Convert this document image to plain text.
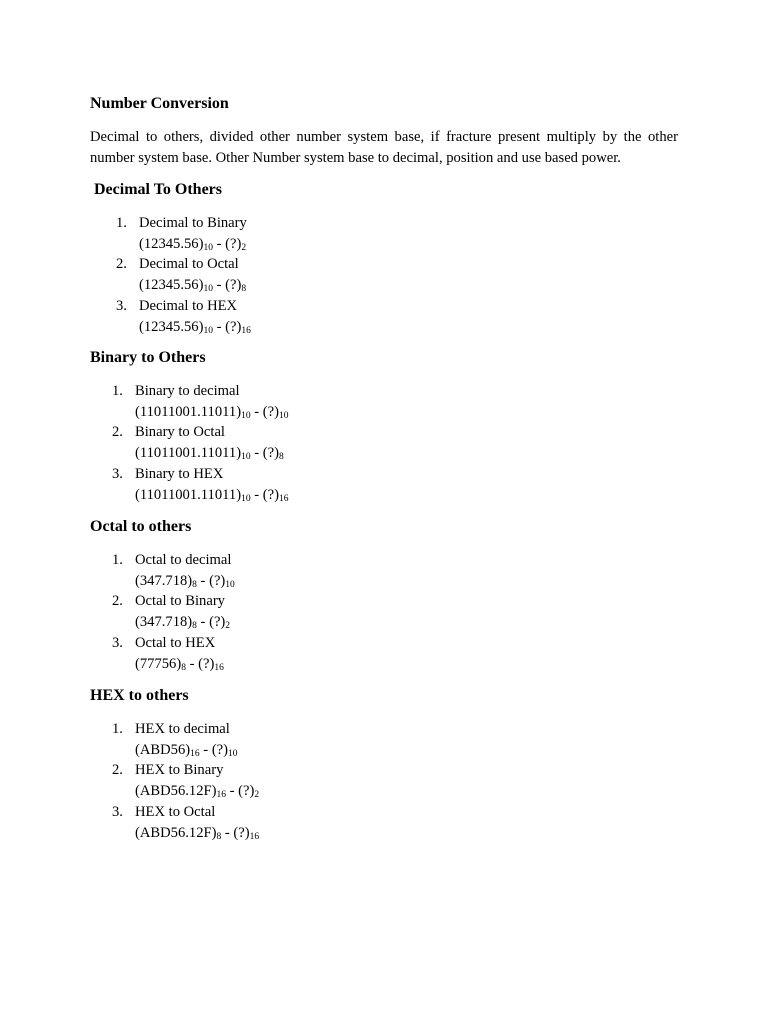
Number Conversion

Decimal to others, divided other number system base, if fracture present multiply by the other number system base. Other Number system base to decimal, position and use based power.

Decimal To Others
1. Decimal to Binary
$(12345.56)_{10}$ - $(?)_2$
2. Decimal to Octal
$(12345.56)_{10}$ - $(?)_8$
3. Decimal to HEX
$(12345.56)_{10}$ - $(?)_{16}$
Binary to Others
1. Binary to decimal
$(11011001.11011)_{10}$ - $(?)_{10}$
2. Binary to Octal
$(11011001.11011)_{10}$ - $(?)_8$
3. Binary to HEX
$(11011001.11011)_{10}$ - $(?)_{16}$
Octal to others
1. Octal to decimal
$(347.718)_8$ - $(?)_{10}$
2. Octal to Binary
$(347.718)_8$ - $(?)_2$
3. Octal to HEX
$(77756)_8$ - $(?)_{16}$
HEX to others
1. HEX to decimal
$(ABD56)_{16}$ - $(?)_{10}$
2. HEX to Binary
$(ABD56.12F)_{16}$ - $(?)_2$
3. HEX to Octal
$(ABD56.12F)_8$ - $(?)_{16}$
